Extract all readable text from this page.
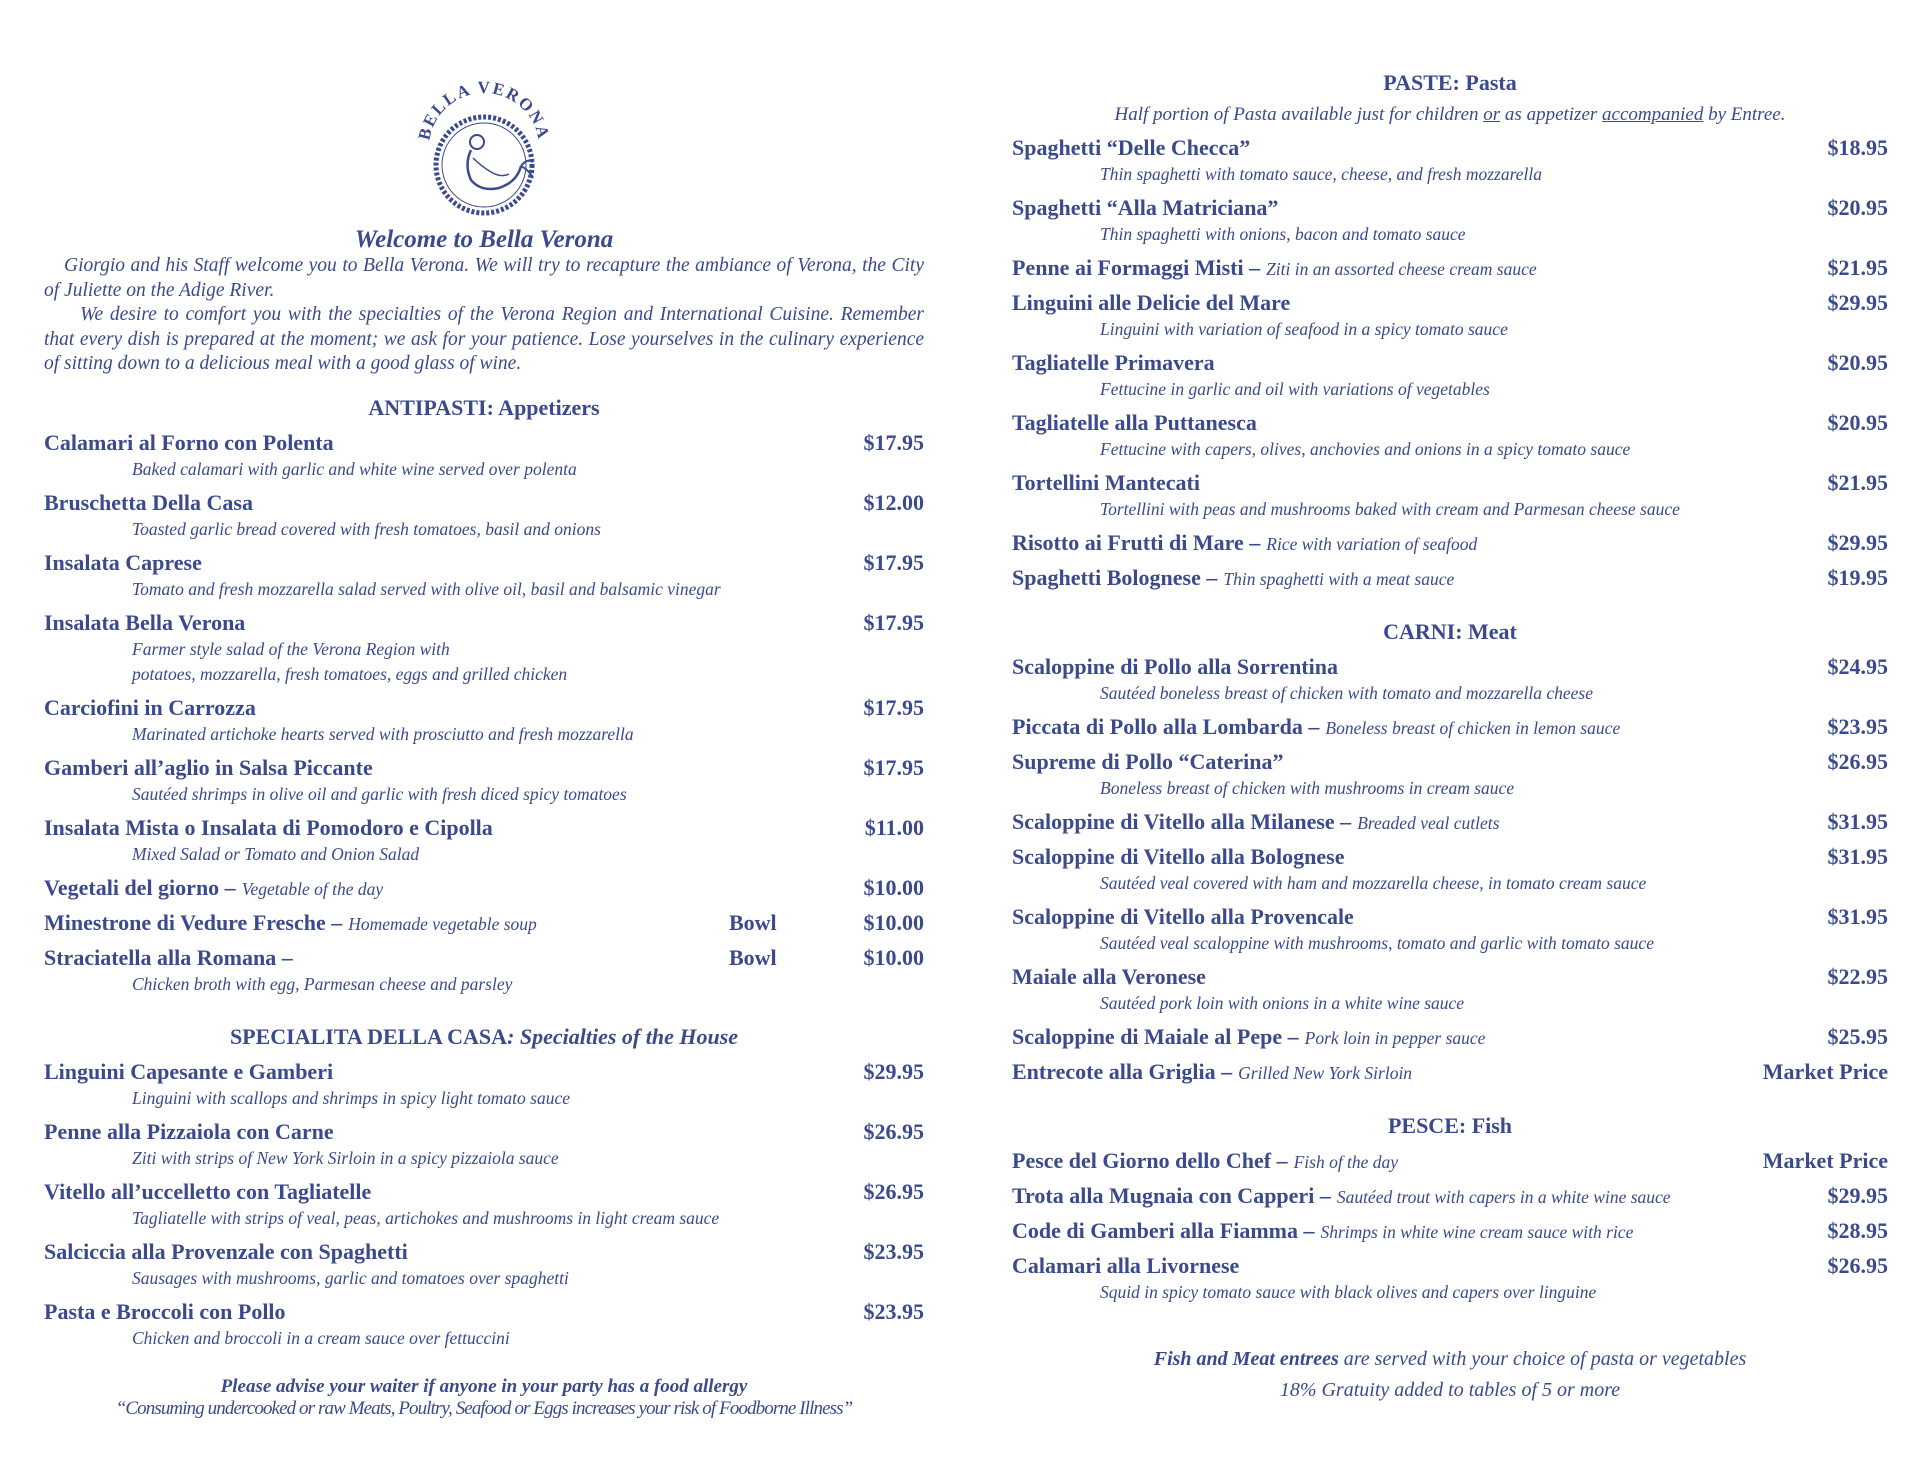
BELLA VERONA
Welcome to Bella Verona

Giorgio and his Staff welcome you to Bella Verona. We will try to recapture the ambiance of Verona, the City of Juliette on the Adige River.

We desire to comfort you with the specialties of the Verona Region and International Cuisine. Remember that every dish is prepared at the moment; we ask for your patience. Lose yourselves in the culinary experience of sitting down to a delicious meal with a good glass of wine.

ANTIPASTI: Appetizers
Calamari al Forno con Polenta	$17.95
Baked calamari with garlic and white wine served over polenta
Bruschetta Della Casa	$12.00
Toasted garlic bread covered with fresh tomatoes, basil and onions
Insalata Caprese	$17.95
Tomato and fresh mozzarella salad served with olive oil, basil and balsamic vinegar
Insalata Bella Verona	$17.95
Farmer style salad of the Verona Region with
potatoes, mozzarella, fresh tomatoes, eggs and grilled chicken
Carciofini in Carrozza	$17.95
Marinated artichoke hearts served with prosciutto and fresh mozzarella
Gamberi all’aglio in Salsa Piccante	$17.95
Sautéed shrimps in olive oil and garlic with fresh diced spicy tomatoes
Insalata Mista o Insalata di Pomodoro e Cipolla	$11.00
Mixed Salad or Tomato and Onion Salad
Vegetali del giorno – Vegetable of the day	$10.00
Minestrone di Vedure Fresche – Homemade vegetable soup	Bowl	$10.00
Straciatella alla Romana –	Bowl	$10.00
Chicken broth with egg, Parmesan cheese and parsley
SPECIALITA DELLA CASA: Specialties of the House
Linguini Capesante e Gamberi	$29.95
Linguini with scallops and shrimps in spicy light tomato sauce
Penne alla Pizzaiola con Carne	$26.95
Ziti with strips of New York Sirloin in a spicy pizzaiola sauce
Vitello all’uccelletto con Tagliatelle	$26.95
Tagliatelle with strips of veal, peas, artichokes and mushrooms in light cream sauce
Salciccia alla Provenzale con Spaghetti	$23.95
Sausages with mushrooms, garlic and tomatoes over spaghetti
Pasta e Broccoli con Pollo	$23.95
Chicken and broccoli in a cream sauce over fettuccini

Please advise your waiter if anyone in your party has a food allergy

“Consuming undercooked or raw Meats, Poultry, Seafood or Eggs increases your risk of Foodborne Illness”

PASTE: Pasta

Half portion of Pasta available just for children or as appetizer accompanied by Entree.

Spaghetti “Delle Checca”	$18.95
Thin spaghetti with tomato sauce, cheese, and fresh mozzarella
Spaghetti “Alla Matriciana”	$20.95
Thin spaghetti with onions, bacon and tomato sauce
Penne ai Formaggi Misti – Ziti in an assorted cheese cream sauce	$21.95
Linguini alle Delicie del Mare	$29.95
Linguini with variation of seafood in a spicy tomato sauce
Tagliatelle Primavera	$20.95
Fettucine in garlic and oil with variations of vegetables
Tagliatelle alla Puttanesca	$20.95
Fettucine with capers, olives, anchovies and onions in a spicy tomato sauce
Tortellini Mantecati	$21.95
Tortellini with peas and mushrooms baked with cream and Parmesan cheese sauce
Risotto ai Frutti di Mare – Rice with variation of seafood	$29.95
Spaghetti Bolognese – Thin spaghetti with a meat sauce	$19.95
CARNI: Meat
Scaloppine di Pollo alla Sorrentina	$24.95
Sautéed boneless breast of chicken with tomato and mozzarella cheese
Piccata di Pollo alla Lombarda – Boneless breast of chicken in lemon sauce	$23.95
Supreme di Pollo “Caterina”	$26.95
Boneless breast of chicken with mushrooms in cream sauce
Scaloppine di Vitello alla Milanese – Breaded veal cutlets	$31.95
Scaloppine di Vitello alla Bolognese	$31.95
Sautéed veal covered with ham and mozzarella cheese, in tomato cream sauce
Scaloppine di Vitello alla Provencale	$31.95
Sautéed veal scaloppine with mushrooms, tomato and garlic with tomato sauce
Maiale alla Veronese	$22.95
Sautéed pork loin with onions in a white wine sauce
Scaloppine di Maiale al Pepe – Pork loin in pepper sauce	$25.95
Entrecote alla Griglia – Grilled New York Sirloin	Market Price
PESCE: Fish
Pesce del Giorno dello Chef – Fish of the day	Market Price
Trota alla Mugnaia con Capperi – Sautéed trout with capers in a white wine sauce	$29.95
Code di Gamberi alla Fiamma – Shrimps in white wine cream sauce with rice	$28.95
Calamari alla Livornese	$26.95
Squid in spicy tomato sauce with black olives and capers over linguine
Fish and Meat entrees are served with your choice of pasta or vegetables
18% Gratuity added to tables of 5 or more
